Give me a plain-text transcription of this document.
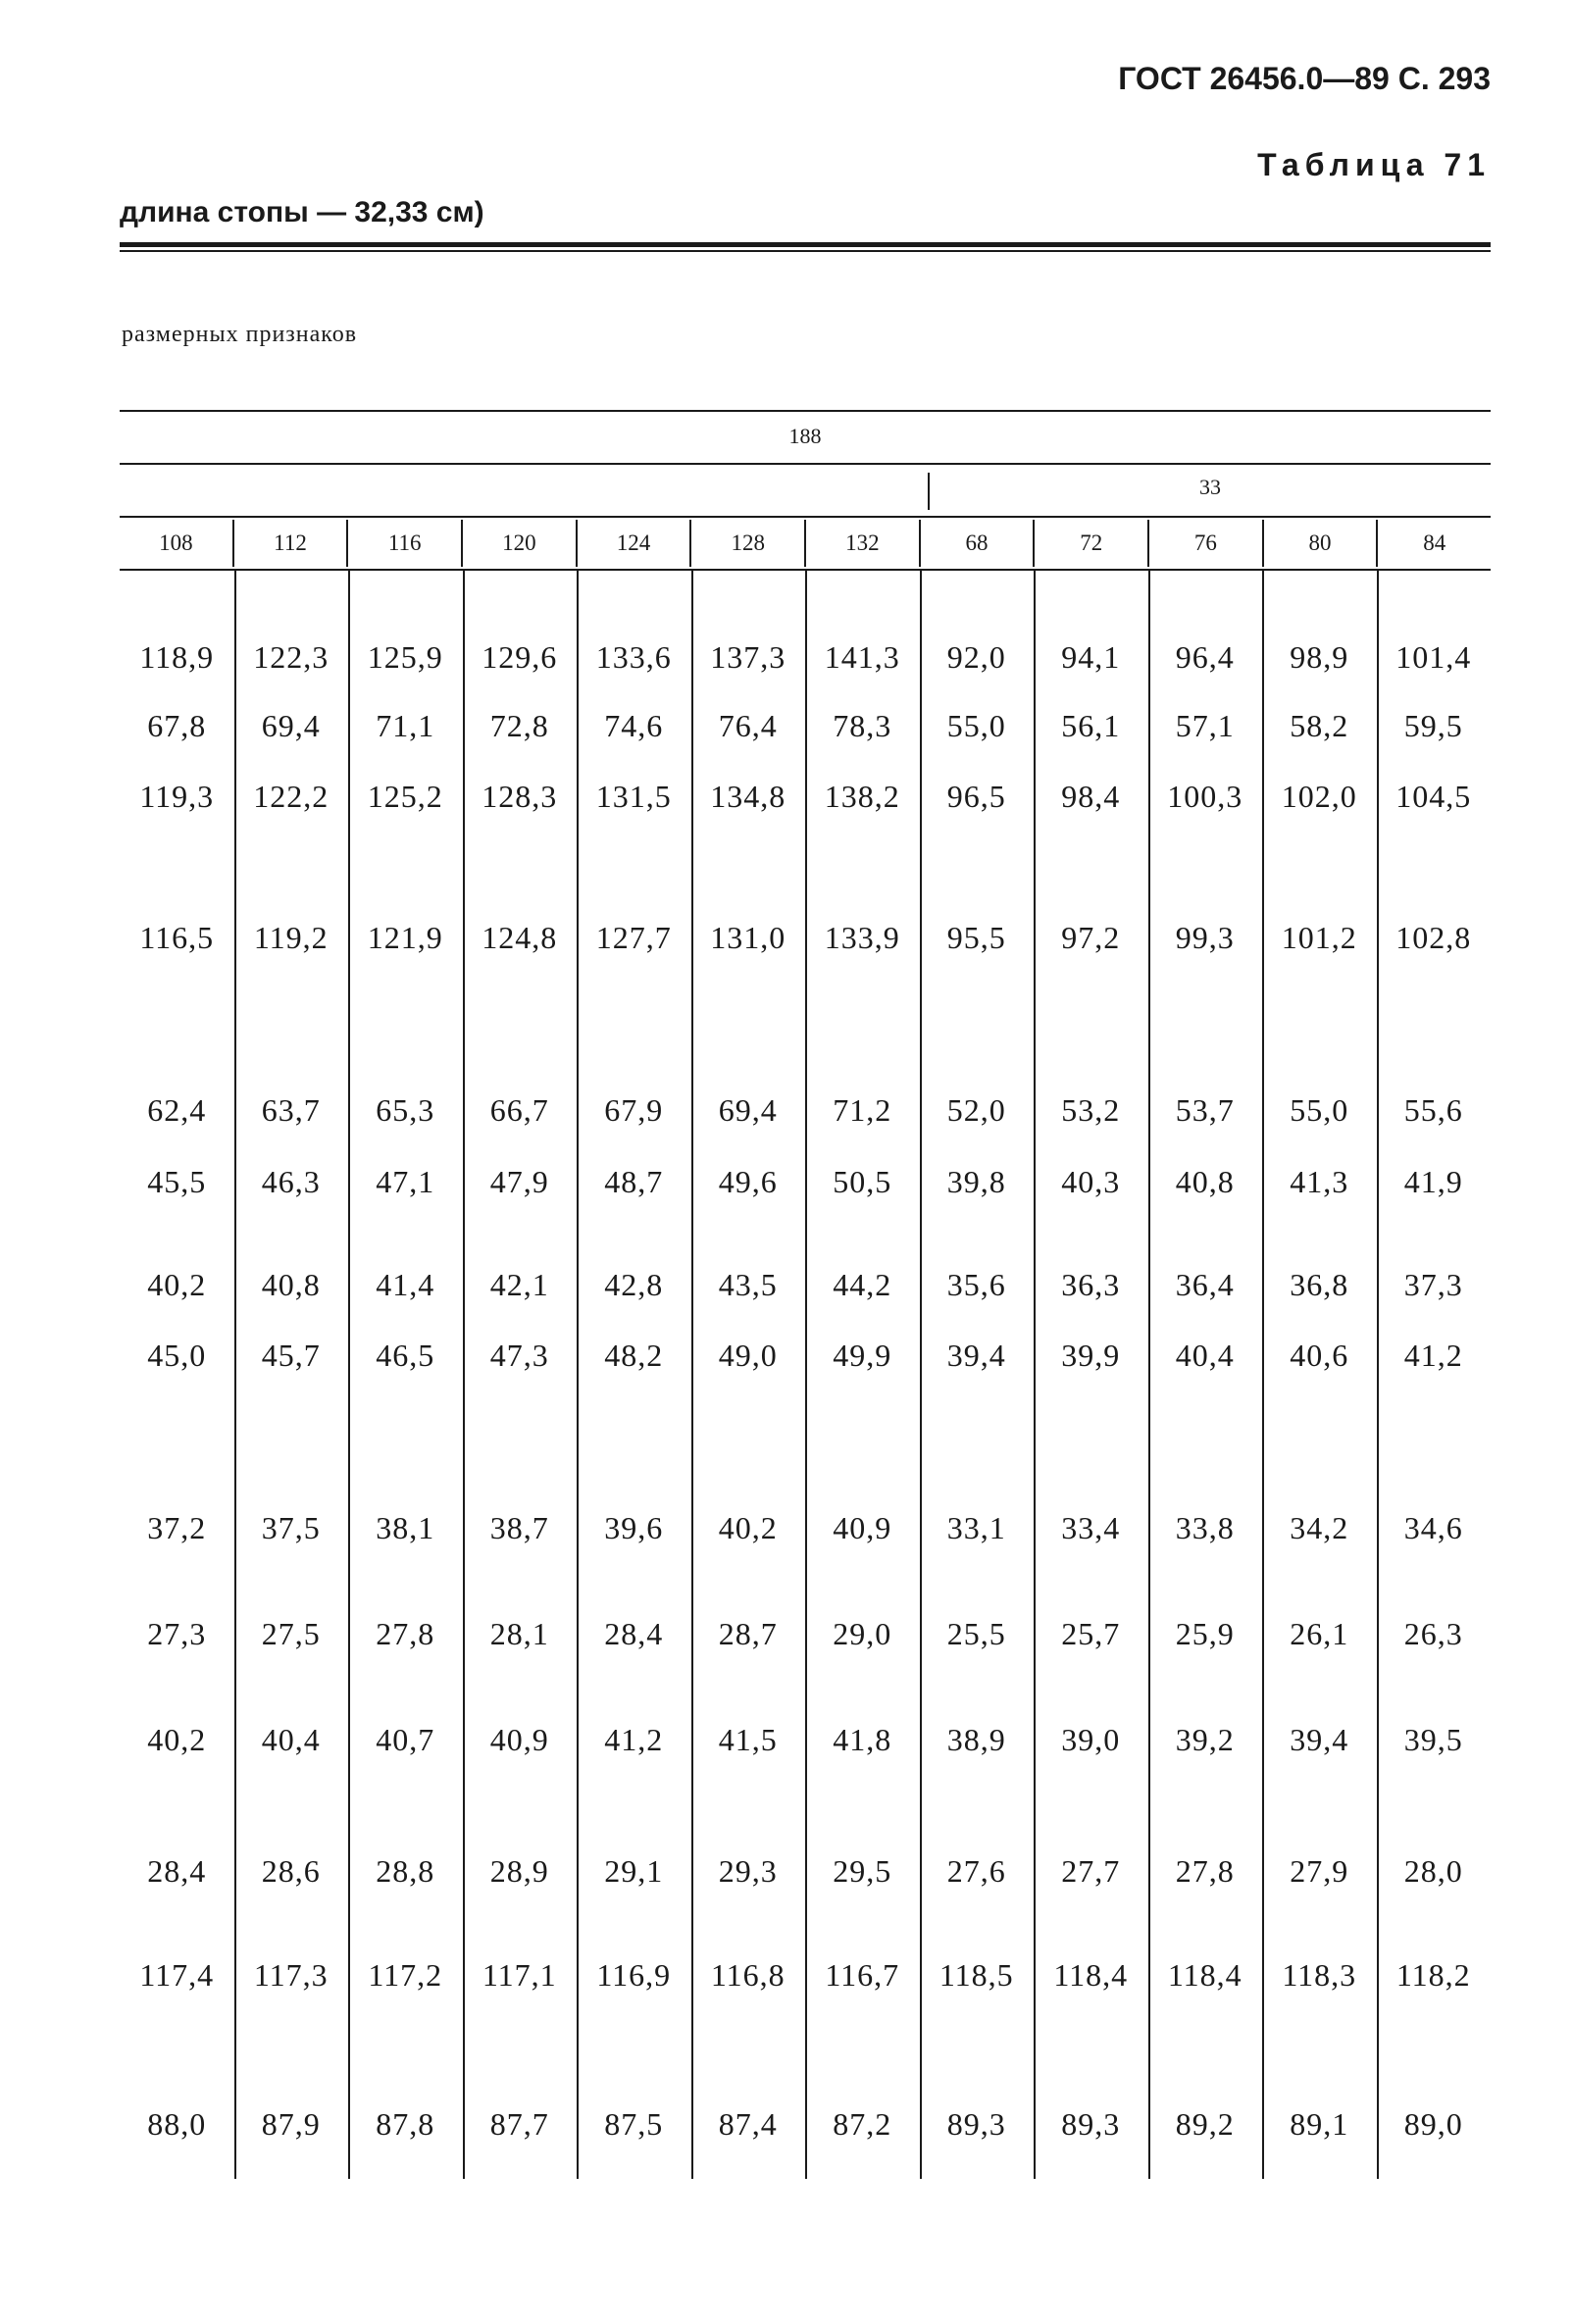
ГОСТ 26456.0—89 С. 293
Таблица 71
длина стопы — 32,33 см)
размерных признаков
188
33
108	112	116	120	124	128	132	68	72	76	80	84
118,9	122,3	125,9	129,6	133,6	137,3	141,3	92,0	94,1	96,4	98,9	101,4
67,8	69,4	71,1	72,8	74,6	76,4	78,3	55,0	56,1	57,1	58,2	59,5
119,3	122,2	125,2	128,3	131,5	134,8	138,2	96,5	98,4	100,3	102,0	104,5
116,5	119,2	121,9	124,8	127,7	131,0	133,9	95,5	97,2	99,3	101,2	102,8
62,4	63,7	65,3	66,7	67,9	69,4	71,2	52,0	53,2	53,7	55,0	55,6
45,5	46,3	47,1	47,9	48,7	49,6	50,5	39,8	40,3	40,8	41,3	41,9
40,2	40,8	41,4	42,1	42,8	43,5	44,2	35,6	36,3	36,4	36,8	37,3
45,0	45,7	46,5	47,3	48,2	49,0	49,9	39,4	39,9	40,4	40,6	41,2
37,2	37,5	38,1	38,7	39,6	40,2	40,9	33,1	33,4	33,8	34,2	34,6
27,3	27,5	27,8	28,1	28,4	28,7	29,0	25,5	25,7	25,9	26,1	26,3
40,2	40,4	40,7	40,9	41,2	41,5	41,8	38,9	39,0	39,2	39,4	39,5
28,4	28,6	28,8	28,9	29,1	29,3	29,5	27,6	27,7	27,8	27,9	28,0
117,4	117,3	117,2	117,1	116,9	116,8	116,7	118,5	118,4	118,4	118,3	118,2
88,0	87,9	87,8	87,7	87,5	87,4	87,2	89,3	89,3	89,2	89,1	89,0
